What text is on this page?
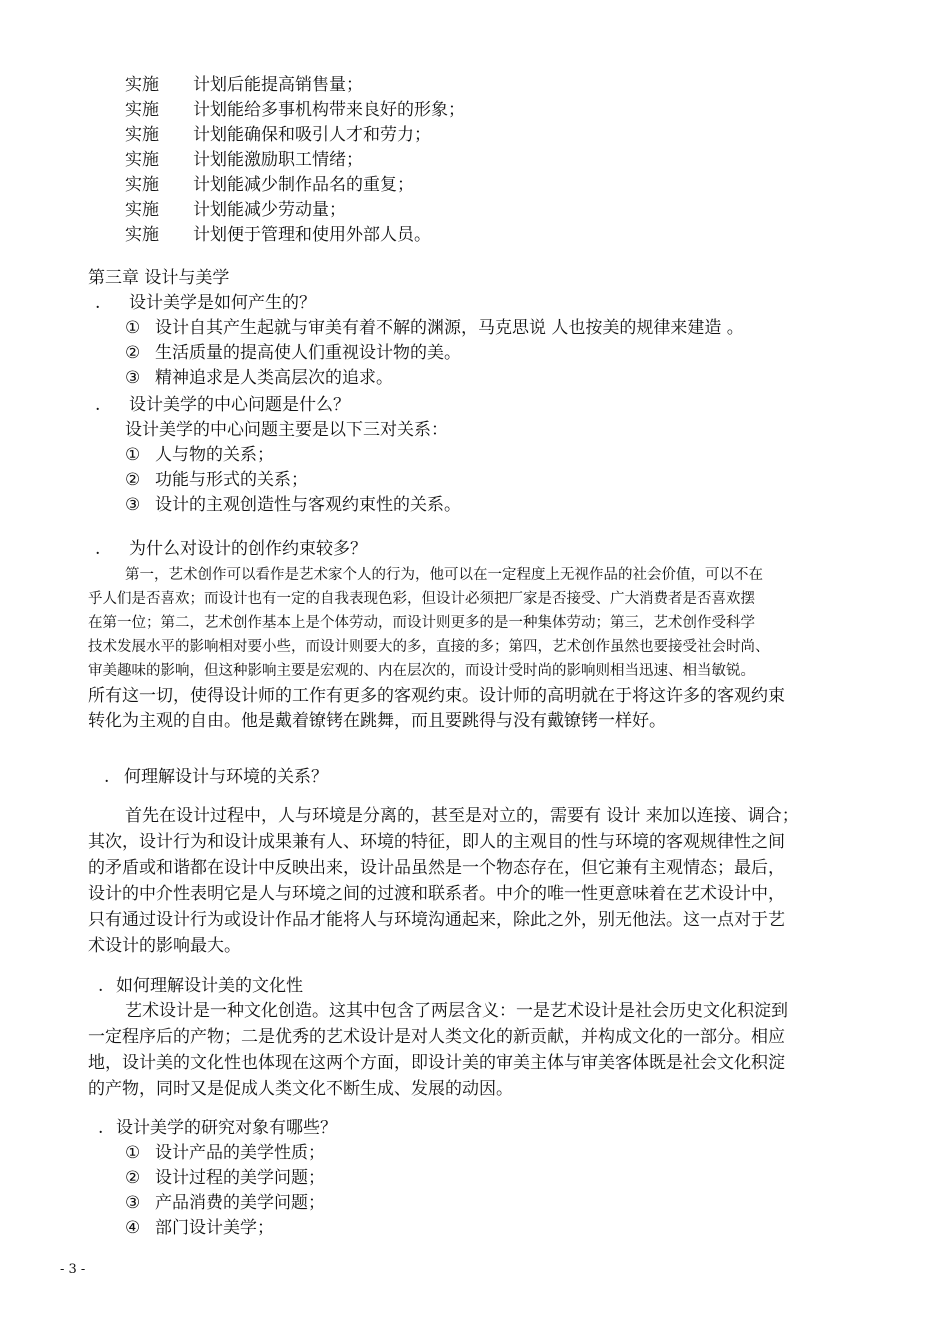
实施 计划后能提高销售量；
实施 计划能给多事机构带来良好的形象；
实施 计划能确保和吸引人才和劳力；
实施 计划能激励职工情绪；
实施 计划能减少制作品名的重复；
实施 计划能减少劳动量；
实施 计划便于管理和使用外部人员。
第三章 设计与美学
. 设计美学是如何产生的？
① 设计自其产生起就与审美有着不解的渊源，马克思说 人也按美的规律来建造 。
② 生活质量的提高使人们重视设计物的美。
③ 精神追求是人类高层次的追求。
. 设计美学的中心问题是什么？
设计美学的中心问题主要是以下三对关系：
① 人与物的关系；
② 功能与形式的关系；
③ 设计的主观创造性与客观约束性的关系。
. 为什么对设计的创作约束较多？
第一，艺术创作可以看作是艺术家个人的行为，他可以在一定程度上无视作品的社会价值，可以不在
乎人们是否喜欢；而设计也有一定的自我表现色彩，但设计必须把厂家是否接受、广大消费者是否喜欢摆
在第一位；第二，艺术创作基本上是个体劳动，而设计则更多的是一种集体劳动；第三，艺术创作受科学
技术发展水平的影响相对要小些，而设计则要大的多，直接的多；第四，艺术创作虽然也要接受社会时尚、
审美趣味的影响，但这种影响主要是宏观的、内在层次的，而设计受时尚的影响则相当迅速、相当敏锐。
所有这一切，使得设计师的工作有更多的客观约束。设计师的高明就在于将这许多的客观约束
转化为主观的自由。他是戴着镣铐在跳舞，而且要跳得与没有戴镣铐一样好。
. 何理解设计与环境的关系？
首先在设计过程中，人与环境是分离的，甚至是对立的，需要有 设计 来加以连接、调合；
其次，设计行为和设计成果兼有人、环境的特征，即人的主观目的性与环境的客观规律性之间
的矛盾或和谐都在设计中反映出来，设计品虽然是一个物态存在，但它兼有主观情态；最后，
设计的中介性表明它是人与环境之间的过渡和联系者。中介的唯一性更意味着在艺术设计中，
只有通过设计行为或设计作品才能将人与环境沟通起来，除此之外，别无他法。这一点对于艺
术设计的影响最大。
. 如何理解设计美的文化性
艺术设计是一种文化创造。这其中包含了两层含义：一是艺术设计是社会历史文化积淀到
一定程序后的产物；二是优秀的艺术设计是对人类文化的新贡献，并构成文化的一部分。相应
地，设计美的文化性也体现在这两个方面，即设计美的审美主体与审美客体既是社会文化积淀
的产物，同时又是促成人类文化不断生成、发展的动因。
. 设计美学的研究对象有哪些？
① 设计产品的美学性质；
② 设计过程的美学问题；
③ 产品消费的美学问题；
④ 部门设计美学；
- 3 -
